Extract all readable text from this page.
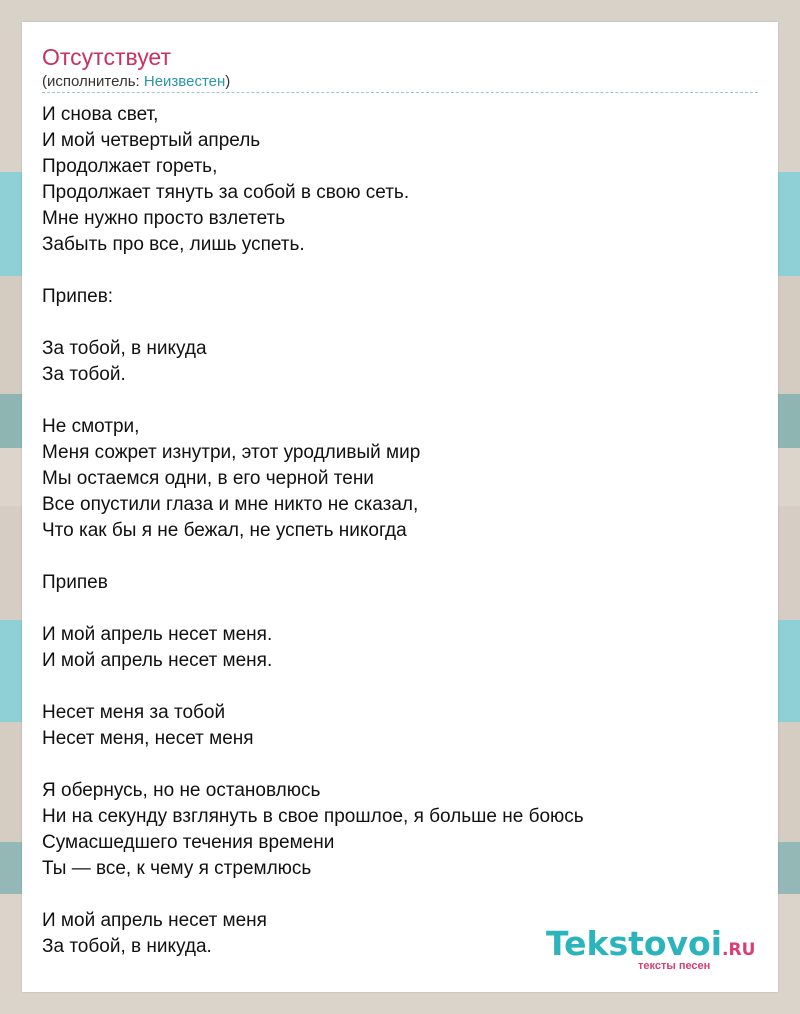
Отсутствует
(исполнитель: Неизвестен)
И снова свет,
И мой четвертый апрель
Продолжает гореть,
Продолжает тянуть за собой в свою сеть.
Мне нужно просто взлететь
Забыть про все, лишь успеть.
Припев:
За тобой, в никуда
За тобой.
Не смотри,
Меня сожрет изнутри, этот уродливый мир
Мы остаемся одни, в его черной тени
Все опустили глаза и мне никто не сказал,
Что как бы я не бежал, не успеть никогда
Припев
И мой апрель несет меня.
И мой апрель несет меня.
Несет меня за тобой
Несет меня, несет меня
Я обернусь, но не остановлюсь
Ни на секунду взглянуть в свое прошлое, я больше не боюсь
Сумасшедшего течения времени
Ты — все, к чему я стремлюсь
И мой апрель несет меня
За тобой, в никуда.	Tekstovoi.RU
тексты песен
